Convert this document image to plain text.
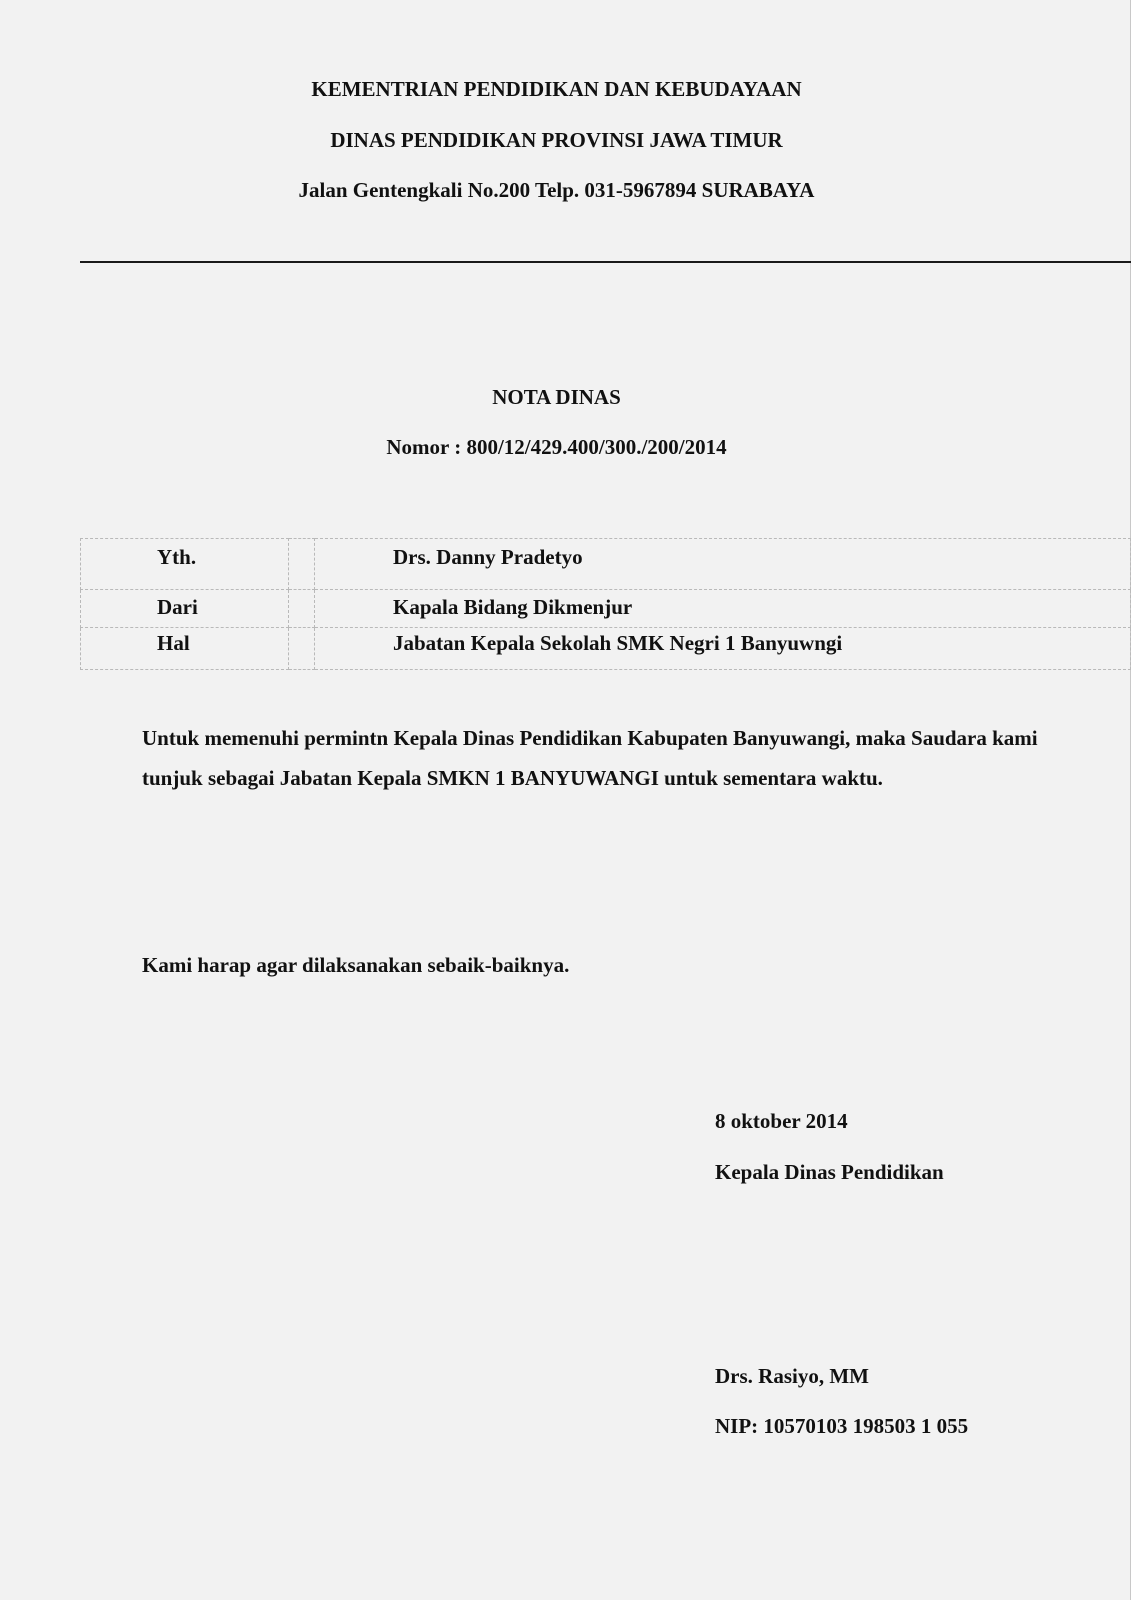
KEMENTRIAN PENDIDIKAN DAN KEBUDAYAAN
DINAS PENDIDIKAN PROVINSI JAWA TIMUR
Jalan Gentengkali No.200 Telp. 031-5967894 SURABAYA
NOTA DINAS
Nomor : 800/12/429.400/300./200/2014
Yth.		Drs. Danny Pradetyo
Dari		Kapala Bidang Dikmenjur
Hal		Jabatan Kepala Sekolah SMK Negri 1 Banyuwngi
Untuk memenuhi permintn Kepala Dinas Pendidikan Kabupaten Banyuwangi, maka Saudara kami tunjuk sebagai Jabatan Kepala SMKN 1 BANYUWANGI untuk sementara waktu.
Kami harap agar dilaksanakan sebaik-baiknya.
8 oktober 2014
Kepala Dinas Pendidikan
Drs. Rasiyo, MM
NIP: 10570103 198503 1 055
